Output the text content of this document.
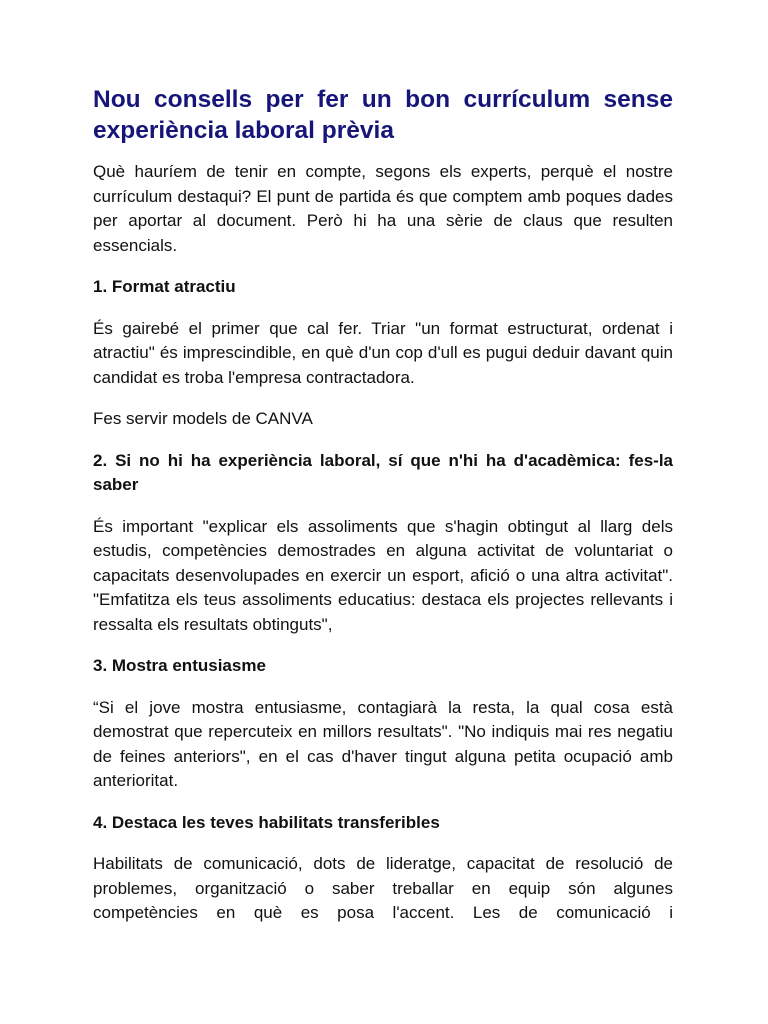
Nou consells per fer un bon currículum sense experiència laboral prèvia

Què hauríem de tenir en compte, segons els experts, perquè el nostre currículum destaqui? El punt de partida és que comptem amb poques dades per aportar al document. Però hi ha una sèrie de claus que resulten essencials.

1. Format atractiu

És gairebé el primer que cal fer. Triar "un format estructurat, ordenat i atractiu" és imprescindible, en què d'un cop d'ull es pugui deduir davant quin candidat es troba l'empresa contractadora.

Fes servir models de CANVA

2. Si no hi ha experiència laboral, sí que n'hi ha d'acadèmica: fes-la saber

És important "explicar els assoliments que s'hagin obtingut al llarg dels estudis, competències demostrades en alguna activitat de voluntariat o capacitats desenvolupades en exercir un esport, afició o una altra activitat". "Emfatitza els teus assoliments educatius: destaca els projectes rellevants i ressalta els resultats obtinguts",

3. Mostra entusiasme

“Si el jove mostra entusiasme, contagiarà la resta, la qual cosa està demostrat que repercuteix en millors resultats". "No indiquis mai res negatiu de feines anteriors", en el cas d'haver tingut alguna petita ocupació amb anterioritat.

4. Destaca les teves habilitats transferibles

Habilitats de comunicació, dots de lideratge, capacitat de resolució de problemes, organització o saber treballar en equip són algunes competències en què es posa l'accent. Les de comunicació i
